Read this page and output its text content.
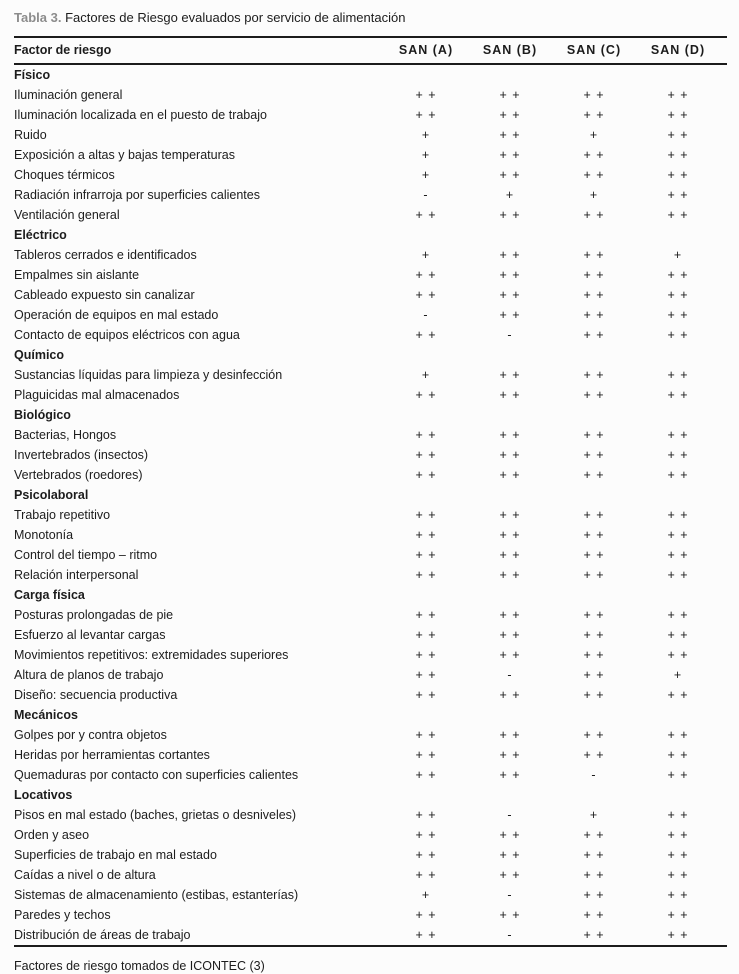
Tabla 3. Factores de Riesgo evaluados por servicio de alimentación
Factor de riesgo	SAN (A)	SAN (B)	SAN (C)	SAN (D)
Físico
Iluminación general	+ +	+ +	+ +	+ +
Iluminación localizada en el puesto de trabajo	+ +	+ +	+ +	+ +
Ruido	+	+ +	+	+ +
Exposición a altas y bajas temperaturas	+	+ +	+ +	+ +
Choques térmicos	+	+ +	+ +	+ +
Radiación infrarroja por superficies calientes	-	+	+	+ +
Ventilación general	+ +	+ +	+ +	+ +
Eléctrico
Tableros cerrados e identificados	+	+ +	+ +	+
Empalmes sin aislante	+ +	+ +	+ +	+ +
Cableado expuesto sin canalizar	+ +	+ +	+ +	+ +
Operación de equipos en mal estado	-	+ +	+ +	+ +
Contacto de equipos eléctricos con agua	+ +	-	+ +	+ +
Químico
Sustancias líquidas para limpieza y desinfección	+	+ +	+ +	+ +
Plaguicidas mal almacenados	+ +	+ +	+ +	+ +
Biológico
Bacterias, Hongos	+ +	+ +	+ +	+ +
Invertebrados (insectos)	+ +	+ +	+ +	+ +
Vertebrados (roedores)	+ +	+ +	+ +	+ +
Psicolaboral
Trabajo repetitivo	+ +	+ +	+ +	+ +
Monotonía	+ +	+ +	+ +	+ +
Control del tiempo – ritmo	+ +	+ +	+ +	+ +
Relación interpersonal	+ +	+ +	+ +	+ +
Carga física
Posturas prolongadas de pie	+ +	+ +	+ +	+ +
Esfuerzo al levantar cargas	+ +	+ +	+ +	+ +
Movimientos repetitivos: extremidades superiores	+ +	+ +	+ +	+ +
Altura de planos de trabajo	+ +	-	+ +	+
Diseño: secuencia productiva	+ +	+ +	+ +	+ +
Mecánicos
Golpes por y contra objetos	+ +	+ +	+ +	+ +
Heridas por herramientas cortantes	+ +	+ +	+ +	+ +
Quemaduras por contacto con superficies calientes	+ +	+ +	-	+ +
Locativos
Pisos en mal estado (baches, grietas o desniveles)	+ +	-	+	+ +
Orden y aseo	+ +	+ +	+ +	+ +
Superficies de trabajo en mal estado	+ +	+ +	+ +	+ +
Caídas a nivel o de altura	+ +	+ +	+ +	+ +
Sistemas de almacenamiento (estibas, estanterías)	+	-	+ +	+ +
Paredes y techos	+ +	+ +	+ +	+ +
Distribución de áreas de trabajo	+ +	-	+ +	+ +
Factores de riesgo tomados de ICONTEC (3)
